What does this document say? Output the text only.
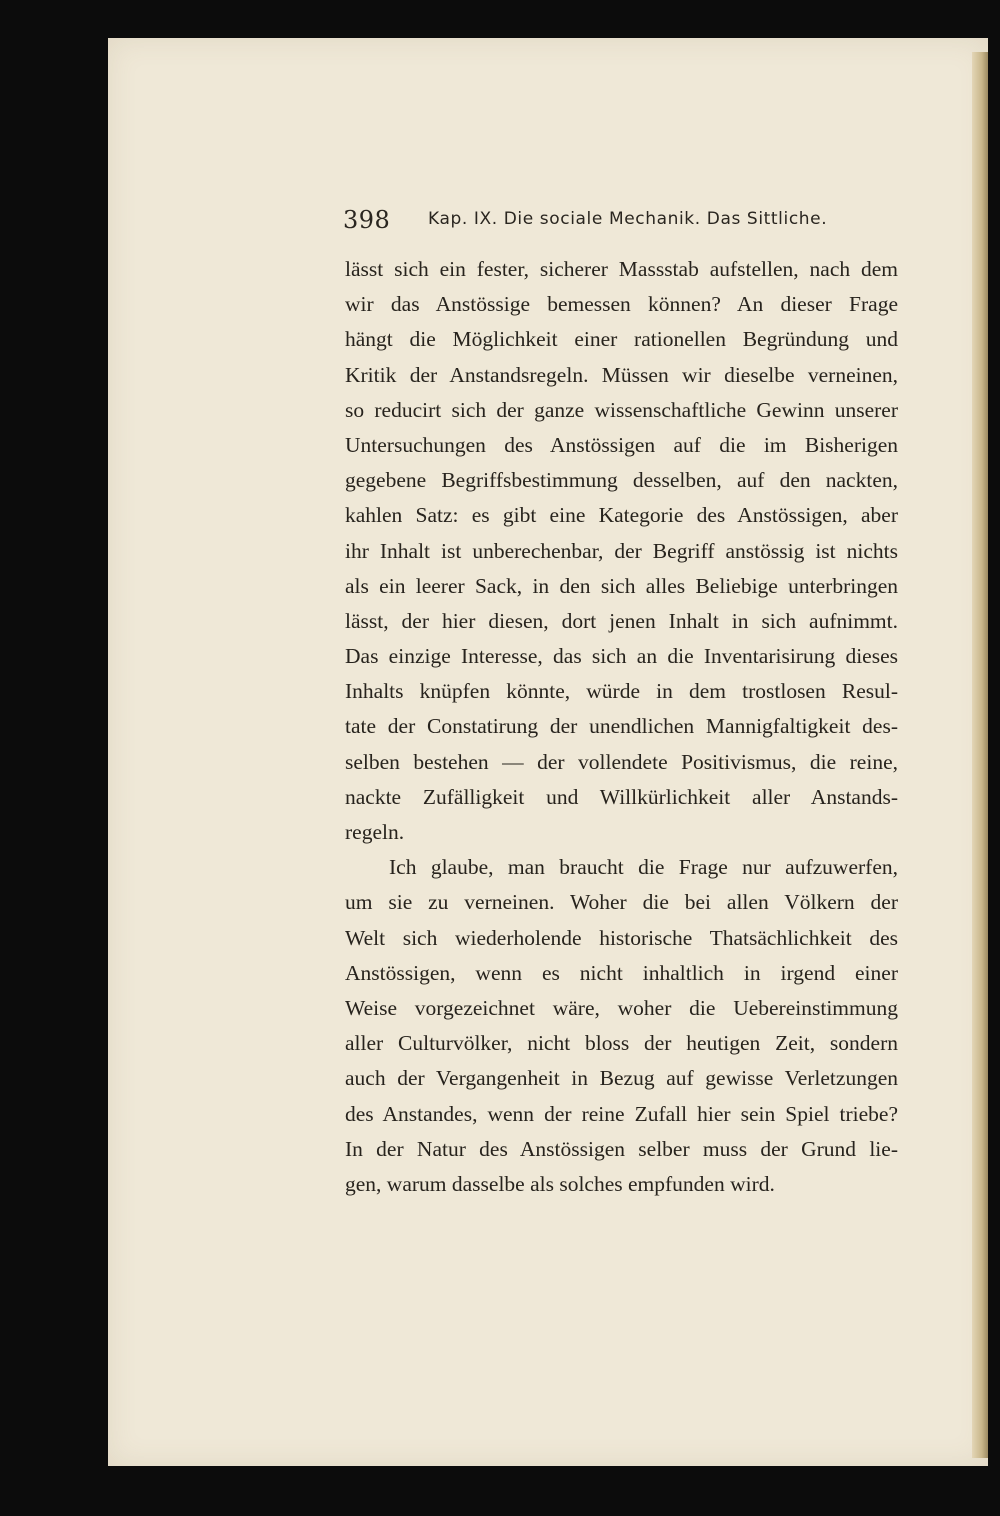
398 Kap. IX. Die sociale Mechanik. Das Sittliche.
lässt sich ein fester, sicherer Massstab aufstellen, nach dem
wir das Anstössige bemessen können? An dieser Frage
hängt die Möglichkeit einer rationellen Begründung und
Kritik der Anstandsregeln. Müssen wir dieselbe verneinen,
so reducirt sich der ganze wissenschaftliche Gewinn unserer
Untersuchungen des Anstössigen auf die im Bisherigen
gegebene Begriffsbestimmung desselben, auf den nackten,
kahlen Satz: es gibt eine Kategorie des Anstössigen, aber
ihr Inhalt ist unberechenbar, der Begriff anstössig ist nichts
als ein leerer Sack, in den sich alles Beliebige unterbringen
lässt, der hier diesen, dort jenen Inhalt in sich aufnimmt.
Das einzige Interesse, das sich an die Inventarisirung dieses
Inhalts knüpfen könnte, würde in dem trostlosen Resul-
tate der Constatirung der unendlichen Mannigfaltigkeit des-
selben bestehen — der vollendete Positivismus, die reine,
nackte Zufälligkeit und Willkürlichkeit aller Anstands-
regeln.
Ich glaube, man braucht die Frage nur aufzuwerfen,
um sie zu verneinen. Woher die bei allen Völkern der
Welt sich wiederholende historische Thatsächlichkeit des
Anstössigen, wenn es nicht inhaltlich in irgend einer
Weise vorgezeichnet wäre, woher die Uebereinstimmung
aller Culturvölker, nicht bloss der heutigen Zeit, sondern
auch der Vergangenheit in Bezug auf gewisse Verletzungen
des Anstandes, wenn der reine Zufall hier sein Spiel triebe?
In der Natur des Anstössigen selber muss der Grund lie-
gen, warum dasselbe als solches empfunden wird.
